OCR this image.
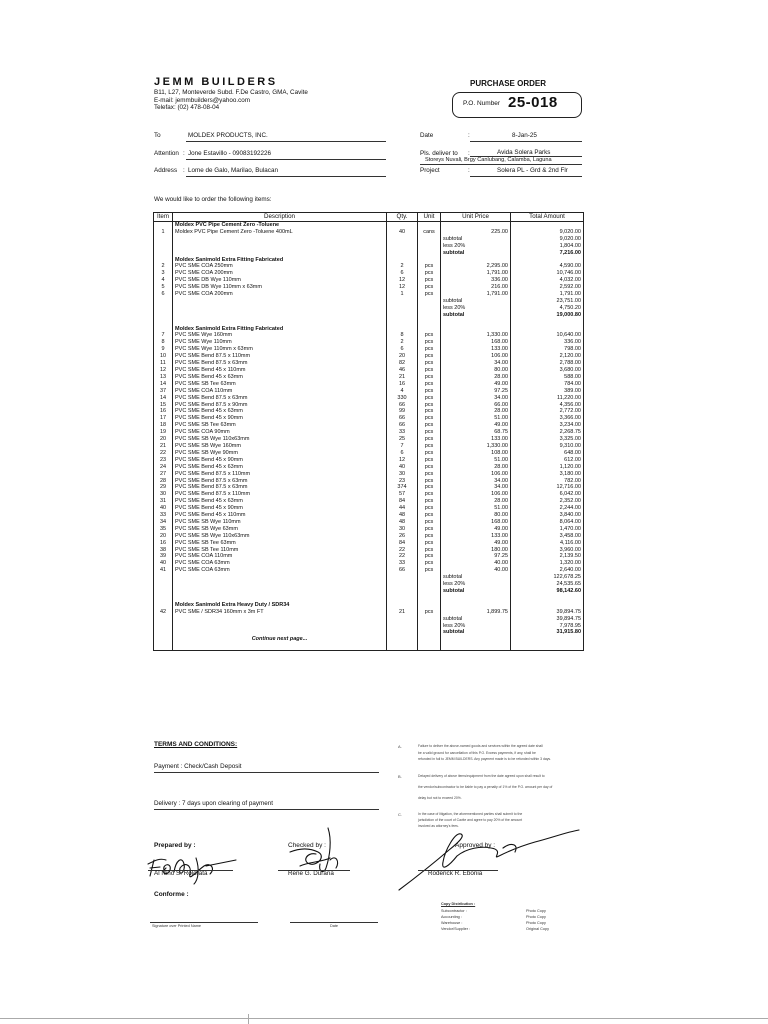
JEMM BUILDERS
B11, L27, Monteverde Subd. F.De Castro, GMA, Cavite
E-mail: jemmbuilders@yahoo.com
Telefax: (02) 478-08-04
PURCHASE ORDER
P.O. Number 25-018
To	MOLDEX PRODUCTS, INC.
Attention : Jone Estavillo - 09083192226
Address : Lome de Galo, Marilao, Bulacan
Date	:	8-Jan-25
Pls. deliver to :	Avida Solera Parks
Storeys Nuvali, Brgy Canlubang, Calamba, Laguna
Project	:	Solera PL - Grd & 2nd Flr
We would like to order the following items:
Item	Description	Qty.	Unit	Unit Price	Total Amount
	Moldex PVC Pipe Cement Zero -Toluene				
1	Moldex PVC Pipe Cement Zero -Toluene 400mL	40	cans	225.00	9,020.00
				subtotal	9,020.00
				less 20%	1,804.00
				subtotal	7,216.00
	Moldex Sanimold Extra Fitting Fabricated				
2	PVC SME COA 250mm	2	pcs	2,295.00	4,590.00
3	PVC SME COA 200mm	6	pcs	1,791.00	10,746.00
4	PVC SME DB Wye 110mm	12	pcs	336.00	4,032.00
5	PVC SME DB Wye 110mm x 63mm	12	pcs	216.00	2,592.00
6	PVC SME COA 200mm	1	pcs	1,791.00	1,791.00
				subtotal	23,751.00
				less 20%	4,750.20
				subtotal	19,000.80

	Moldex Sanimold Extra Fitting Fabricated				
7	PVC SME Wye 160mm	8	pcs	1,330.00	10,640.00
8	PVC SME Wye 110mm	2	pcs	168.00	336.00
9	PVC SME Wye 110mm x 63mm	6	pcs	133.00	798.00
10	PVC SME Bend 87.5 x 110mm	20	pcs	106.00	2,120.00
11	PVC SME Bend 87.5 x 63mm	82	pcs	34.00	2,788.00
12	PVC SME Bend 45 x 110mm	46	pcs	80.00	3,680.00
13	PVC SME Bend 45 x 63mm	21	pcs	28.00	588.00
14	PVC SME SB Tee 63mm	16	pcs	49.00	784.00
37	PVC SME COA 110mm	4	pcs	97.25	389.00
14	PVC SME Bend 87.5 x 63mm	330	pcs	34.00	11,220.00
15	PVC SME Bend 87.5 x 90mm	66	pcs	66.00	4,356.00
16	PVC SME Bend 45 x 63mm	99	pcs	28.00	2,772.00
17	PVC SME Bend 45 x 90mm	66	pcs	51.00	3,366.00
18	PVC SME SB Tee 63mm	66	pcs	49.00	3,234.00
19	PVC SME COA 90mm	33	pcs	68.75	2,268.75
20	PVC SME SB Wye 110x63mm	25	pcs	133.00	3,325.00
21	PVC SME SB Wye 160mm	7	pcs	1,330.00	9,310.00
22	PVC SME SB Wye 90mm	6	pcs	108.00	648.00
23	PVC SME Bend 45 x 90mm	12	pcs	51.00	612.00
24	PVC SME Bend 45 x 63mm	40	pcs	28.00	1,120.00
27	PVC SME Bend 87.5 x 110mm	30	pcs	106.00	3,180.00
28	PVC SME Bend 87.5 x 63mm	23	pcs	34.00	782.00
29	PVC SME Bend 87.5 x 63mm	374	pcs	34.00	12,716.00
30	PVC SME Bend 87.5 x 110mm	57	pcs	106.00	6,042.00
31	PVC SME Bend 45 x 63mm	84	pcs	28.00	2,352.00
40	PVC SME Bend 45 x 90mm	44	pcs	51.00	2,244.00
33	PVC SME Bend 45 x 110mm	48	pcs	80.00	3,840.00
34	PVC SME SB Wye 110mm	48	pcs	168.00	8,064.00
35	PVC SME SB Wye 63mm	30	pcs	49.00	1,470.00
20	PVC SME SB Wye 110x63mm	26	pcs	133.00	3,458.00
16	PVC SME SB Tee 63mm	84	pcs	49.00	4,116.00
38	PVC SME SB Tee 110mm	22	pcs	180.00	3,960.00
39	PVC SME COA 110mm	22	pcs	97.25	2,139.50
40	PVC SME COA 63mm	33	pcs	40.00	1,320.00
41	PVC SME COA 63mm	66	pcs	40.00	2,640.00
				subtotal	122,678.25
				less 20%	24,535.65
				subtotal	98,142.60

	Moldex Sanimold Extra Heavy Duty / SDR34				
42	PVC SME / SDR34 160mm x 3m FT	21	pcs	1,899.75	39,894.75
				subtotal	39,894.75
				less 20%	7,978.95
				subtotal	31,915.80
	Continue next page...				

TERMS AND CONDITIONS:
Payment : Check/Cash Deposit
Delivery : 7 days upon clearing of payment
A.	Failure to deliver the above-named goods and services within the agreed date shall
be a valid ground for cancellation of this P.O. Excess payments, if any, shall be
refunded in full to JEMM BUILDERS. Any payment made is to be refunded within 3 days.
B.	Delayed delivery of above items/equipment from the date agreed upon shall result to
the vendor/subcontractor to be liable to pay a penalty of 1% of the P.O. amount per day of
delay but not to exceed 20%.
C.	In the case of litigation, the aforementioned parties shall submit to the
jurisdiction of the court of Cavite and agree to pay 20% of the amount
involved as attorney's fees.
Prepared by :
Al Niño S. Rolorata
Checked by :
Rene G. Durana
Approved by :
Roderick R. Ebonia
Conforme :
Signature over Printed Name	Date
Copy Distribution :
Subcontractor :	Photo Copy
Accounting :	Photo Copy
Warehouse :	Photo Copy
Vendor/Supplier :	Original Copy
